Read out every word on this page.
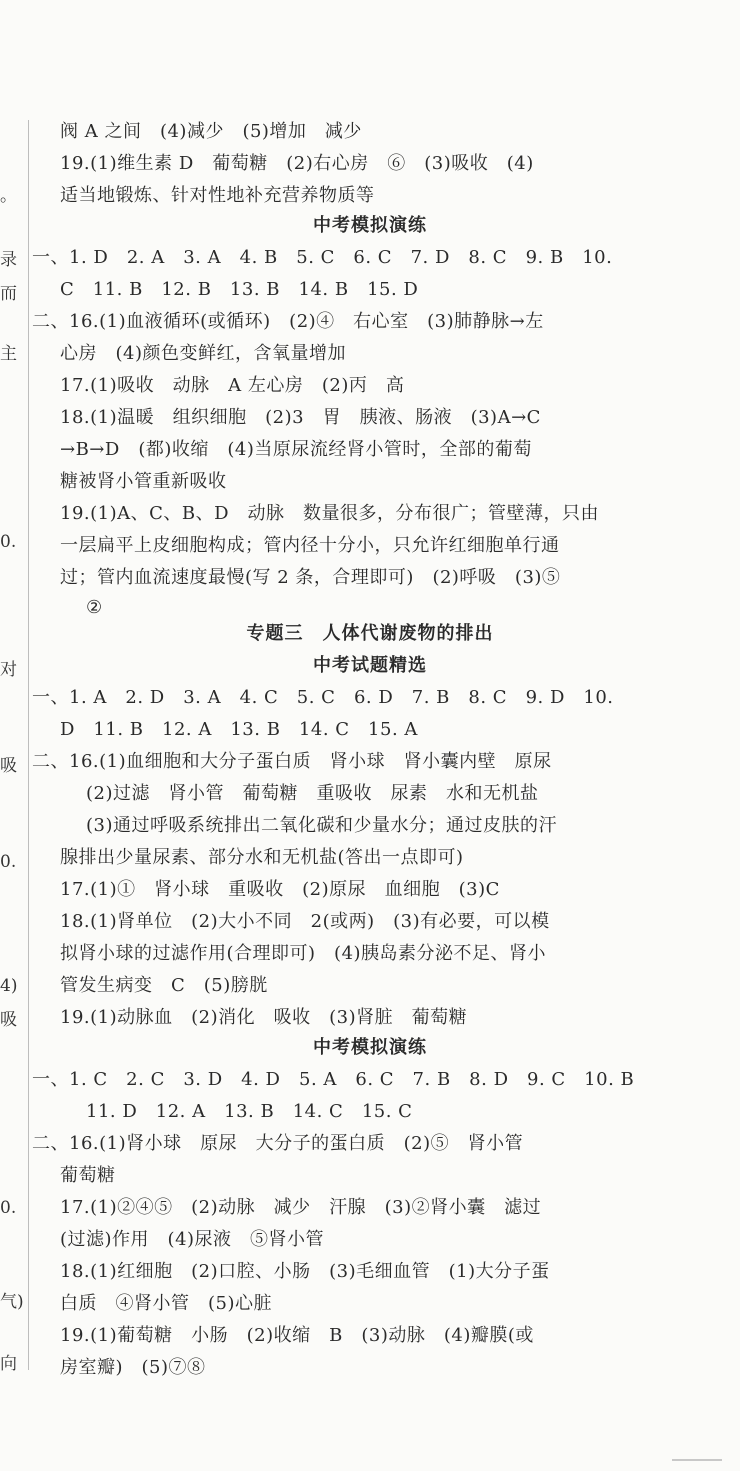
。
录
而
主
0.
对
吸
0.
4)
吸
0.
气)
向
阀 A 之间　(4)减少　(5)增加　减少
19.(1)维生素 D　葡萄糖　(2)右心房　⑥　(3)吸收　(4)
适当地锻炼、针对性地补充营养物质等
中考模拟演练
一、1. D　2. A　3. A　4. B　5. C　6. C　7. D　8. C　9. B　10.
C　11. B　12. B　13. B　14. B　15. D
二、16.(1)血液循环(或循环)　(2)④　右心室　(3)肺静脉→左
心房　(4)颜色变鲜红，含氧量增加
17.(1)吸收　动脉　A 左心房　(2)丙　高
18.(1)温暖　组织细胞　(2)3　胃　胰液、肠液　(3)A→C
→B→D　(都)收缩　(4)当原尿流经肾小管时，全部的葡萄
糖被肾小管重新吸收
19.(1)A、C、B、D　动脉　数量很多，分布很广；管壁薄，只由
一层扁平上皮细胞构成；管内径十分小，只允许红细胞单行通
过；管内血流速度最慢(写 2 条，合理即可)　(2)呼吸　(3)⑤
②
专题三　人体代谢废物的排出
中考试题精选
一、1. A　2. D　3. A　4. C　5. C　6. D　7. B　8. C　9. D　10.
D　11. B　12. A　13. B　14. C　15. A
二、16.(1)血细胞和大分子蛋白质　肾小球　肾小囊内壁　原尿
(2)过滤　肾小管　葡萄糖　重吸收　尿素　水和无机盐
(3)通过呼吸系统排出二氧化碳和少量水分；通过皮肤的汗
腺排出少量尿素、部分水和无机盐(答出一点即可)
17.(1)①　肾小球　重吸收　(2)原尿　血细胞　(3)C
18.(1)肾单位　(2)大小不同　2(或两)　(3)有必要，可以模
拟肾小球的过滤作用(合理即可)　(4)胰岛素分泌不足、肾小
管发生病变　C　(5)膀胱
19.(1)动脉血　(2)消化　吸收　(3)肾脏　葡萄糖
中考模拟演练
一、1. C　2. C　3. D　4. D　5. A　6. C　7. B　8. D　9. C　10. B
11. D　12. A　13. B　14. C　15. C
二、16.(1)肾小球　原尿　大分子的蛋白质　(2)⑤　肾小管
葡萄糖
17.(1)②④⑤　(2)动脉　减少　汗腺　(3)②肾小囊　滤过
(过滤)作用　(4)尿液　⑤肾小管
18.(1)红细胞　(2)口腔、小肠　(3)毛细血管　(1)大分子蛋
白质　④肾小管　(5)心脏
19.(1)葡萄糖　小肠　(2)收缩　B　(3)动脉　(4)瓣膜(或
房室瓣)　(5)⑦⑧
